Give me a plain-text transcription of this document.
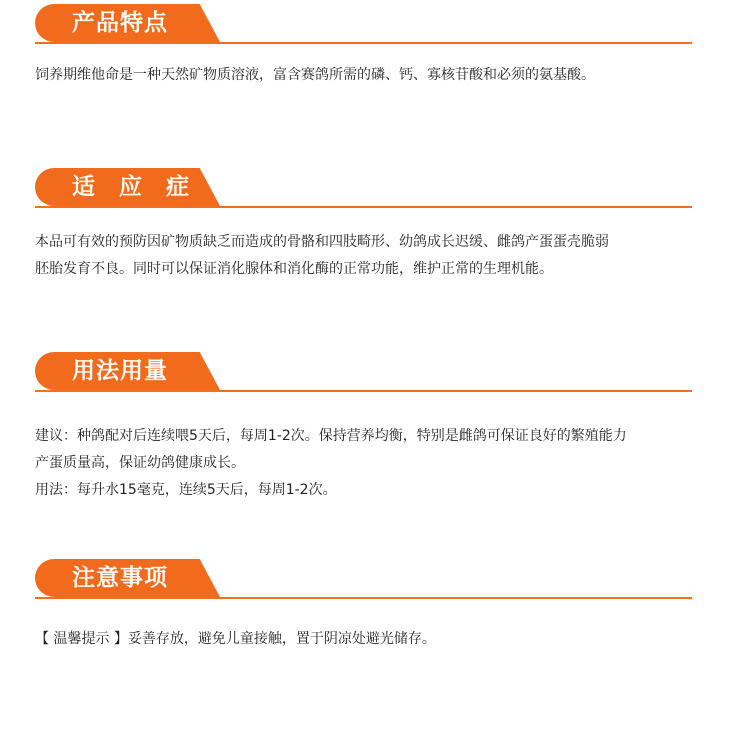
产品特点

饲养期维他命是一种天然矿物质溶液，富含赛鸽所需的磷、钙、寡核苷酸和必须的氨基酸。

适 应 症

本品可有效的预防因矿物质缺乏而造成的骨骼和四肢畸形、幼鸽成长迟缓、雌鸽产蛋蛋壳脆弱

胚胎发育不良。同时可以保证消化腺体和消化酶的正常功能，维护正常的生理机能。

用法用量

建议：种鸽配对后连续喂5天后，每周1-2次。保持营养均衡，特别是雌鸽可保证良好的繁殖能力

产蛋质量高，保证幼鸽健康成长。

用法：每升水15毫克，连续5天后，每周1-2次。

注意事项

【 温馨提示 】妥善存放，避免儿童接触，置于阴凉处避光储存。
